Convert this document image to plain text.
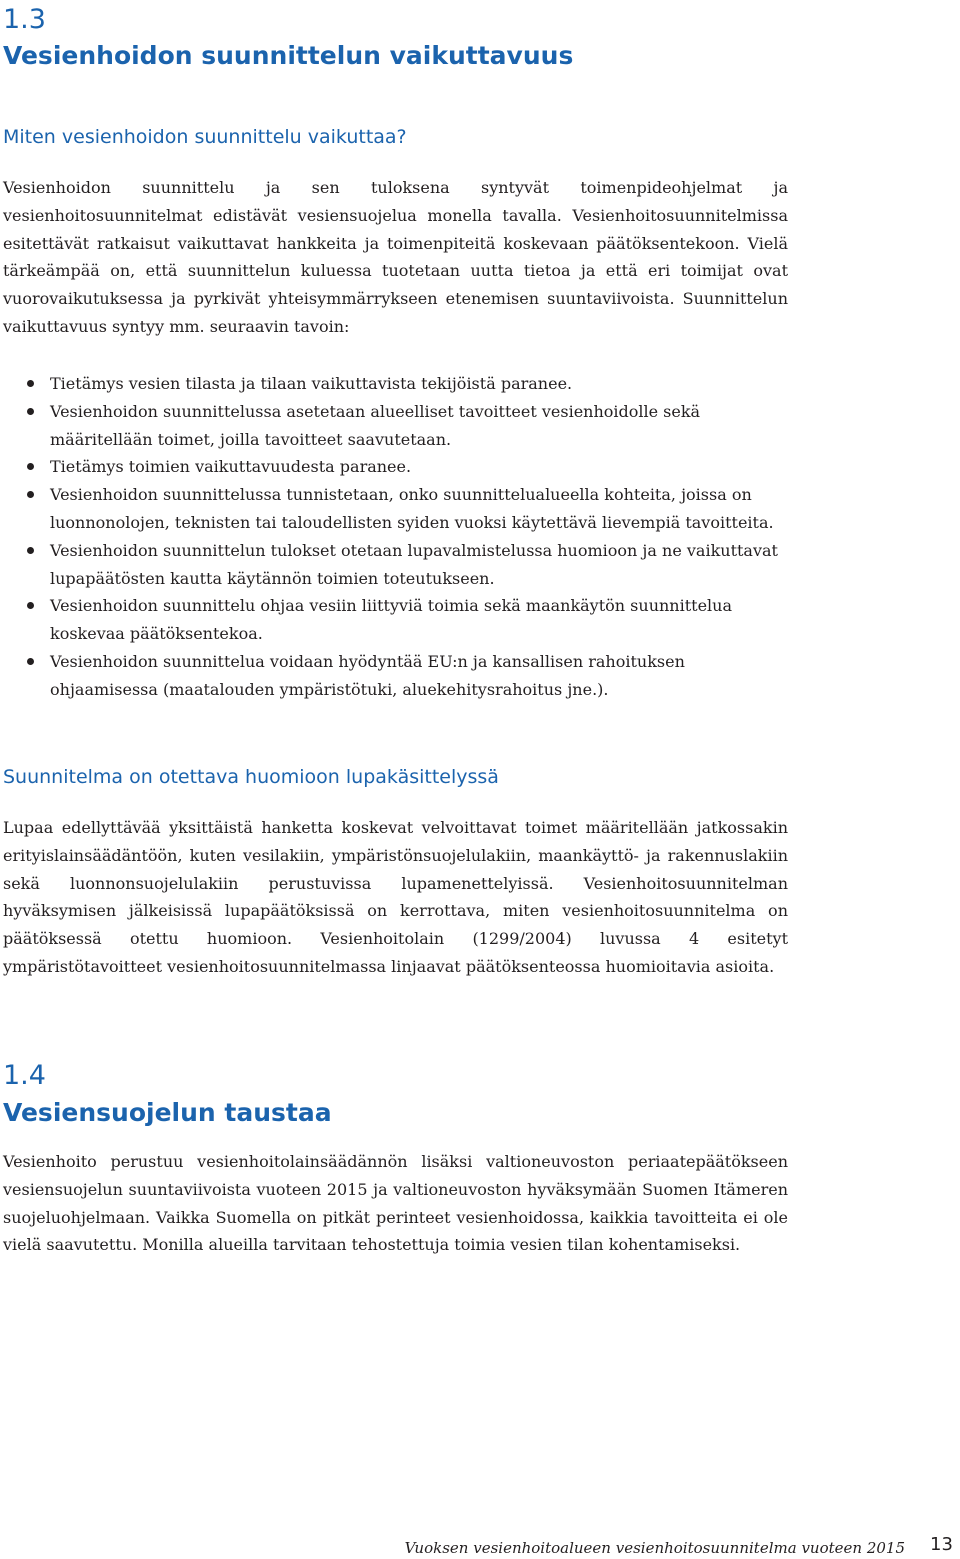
1.3
Vesienhoidon suunnittelun vaikuttavuus
Miten vesienhoidon suunnittelu vaikuttaa?

Vesienhoidon suunnittelu ja sen tuloksena syntyvät toimenpideohjelmat ja vesienhoitosuunnitelmat edistävät vesiensuojelua monella tavalla. Vesienhoitosuunnitelmissa esitettävät ratkaisut vaikuttavat hankkeita ja toimenpiteitä koskevaan päätöksentekoon. Vielä tärkeämpää on, että suunnittelun kuluessa tuotetaan uutta tietoa ja että eri toimijat ovat vuorovaikutuksessa ja pyrkivät yhteisymmärrykseen etenemisen suuntaviivoista. Suunnittelun vaikuttavuus syntyy mm. seuraavin tavoin:

Tietämys vesien tilasta ja tilaan vaikuttavista tekijöistä paranee.
Vesienhoidon suunnittelussa asetetaan alueelliset tavoitteet vesienhoidolle sekä määritellään toimet, joilla tavoitteet saavutetaan.
Tietämys toimien vaikuttavuudesta paranee.
Vesienhoidon suunnittelussa tunnistetaan, onko suunnittelualueella kohteita, joissa on luonnonolojen, teknisten tai taloudellisten syiden vuoksi käytettävä lievempiä tavoitteita.
Vesienhoidon suunnittelun tulokset otetaan lupavalmistelussa huomioon ja ne vaikuttavat lupapäätösten kautta käytännön toimien toteutukseen.
Vesienhoidon suunnittelu ohjaa vesiin liittyviä toimia sekä maankäytön suunnittelua koskevaa päätöksentekoa.
Vesienhoidon suunnittelua voidaan hyödyntää EU:n ja kansallisen rahoituksen ohjaamisessa (maatalouden ympäristötuki, aluekehitysrahoitus jne.).
Suunnitelma on otettava huomioon lupakäsittelyssä

Lupaa edellyttävää yksittäistä hanketta koskevat velvoittavat toimet määritellään jatkossakin erityislainsäädäntöön, kuten vesilakiin, ympäristönsuojelulakiin, maankäyttö- ja rakennuslakiin sekä luonnonsuojelulakiin perustuvissa lupamenettelyissä. Vesienhoitosuunnitelman hyväksymisen jälkeisissä lupapäätöksissä on kerrottava, miten vesienhoitosuunnitelma on päätöksessä otettu huomioon. Vesienhoitolain (1299/2004) luvussa 4 esitetyt ympäristötavoitteet vesienhoitosuunnitelmassa linjaavat päätöksenteossa huomioitavia asioita.

1.4
Vesiensuojelun taustaa

Vesienhoito perustuu vesienhoitolainsäädännön lisäksi valtioneuvoston periaatepäätökseen vesiensuojelun suuntaviivoista vuoteen 2015 ja valtioneuvoston hyväksymään Suomen Itämeren suojeluohjelmaan. Vaikka Suomella on pitkät perinteet vesienhoidossa, kaikkia tavoitteita ei ole vielä saavutettu. Monilla alueilla tarvitaan tehostettuja toimia vesien tilan kohentamiseksi.

Vuoksen vesienhoitoalueen vesienhoitosuunnitelma vuoteen 2015 13
